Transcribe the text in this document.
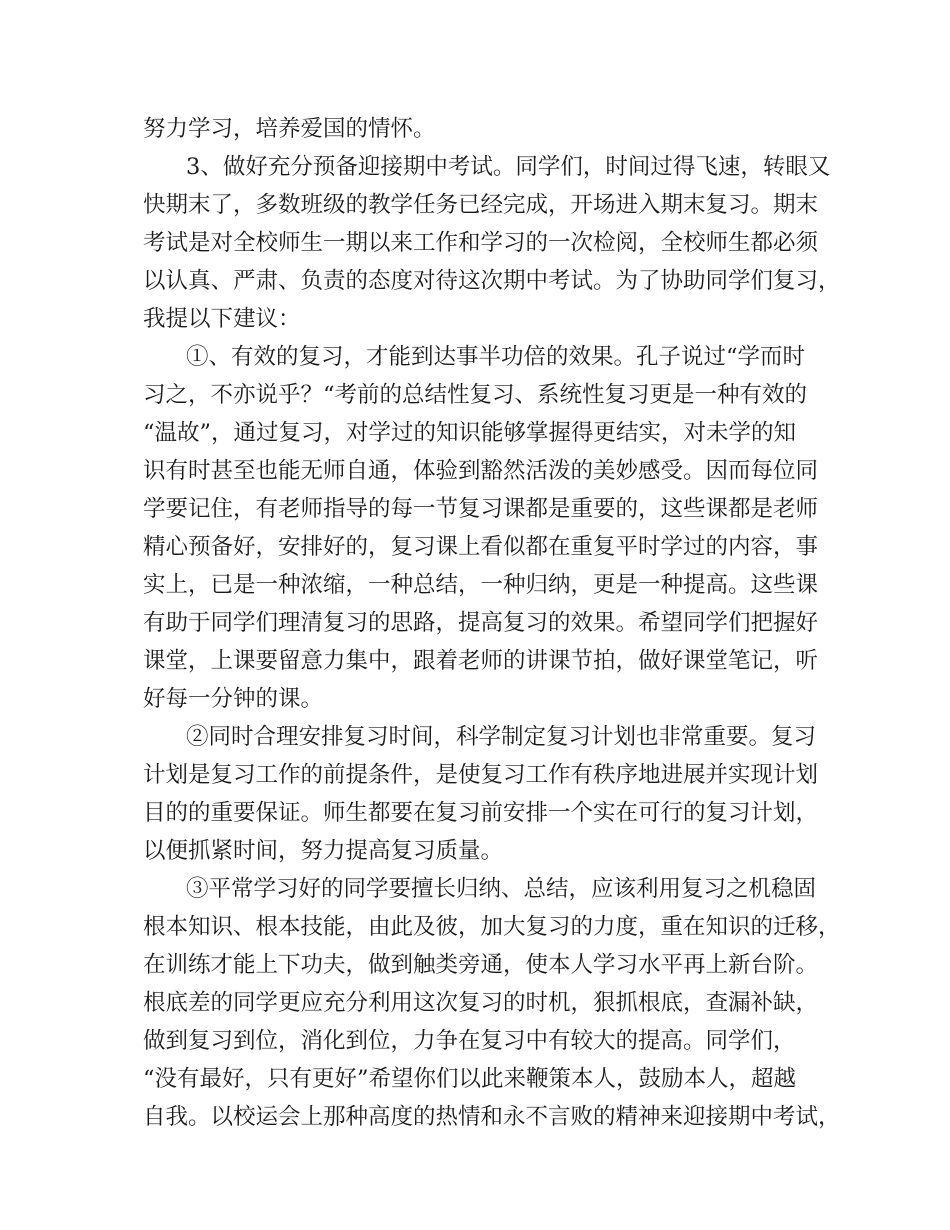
努力学习，培养爱国的情怀。
3、做好充分预备迎接期中考试。同学们，时间过得飞速，转眼又
快期末了，多数班级的教学任务已经完成，开场进入期末复习。期末
考试是对全校师生一期以来工作和学习的一次检阅，全校师生都必须
以认真、严肃、负责的态度对待这次期中考试。为了协助同学们复习，
我提以下建议：
①、有效的复习，才能到达事半功倍的效果。孔子说过“学而时
习之，不亦说乎？“考前的总结性复习、系统性复习更是一种有效的
“温故”，通过复习，对学过的知识能够掌握得更结实，对未学的知
识有时甚至也能无师自通，体验到豁然活泼的美妙感受。因而每位同
学要记住，有老师指导的每一节复习课都是重要的，这些课都是老师
精心预备好，安排好的，复习课上看似都在重复平时学过的内容，事
实上，已是一种浓缩，一种总结，一种归纳，更是一种提高。这些课
有助于同学们理清复习的思路，提高复习的效果。希望同学们把握好
课堂，上课要留意力集中，跟着老师的讲课节拍，做好课堂笔记，听
好每一分钟的课。
②同时合理安排复习时间，科学制定复习计划也非常重要。复习
计划是复习工作的前提条件，是使复习工作有秩序地进展并实现计划
目的的重要保证。师生都要在复习前安排一个实在可行的复习计划，
以便抓紧时间，努力提高复习质量。
③平常学习好的同学要擅长归纳、总结，应该利用复习之机稳固
根本知识、根本技能，由此及彼，加大复习的力度，重在知识的迁移，
在训练才能上下功夫，做到触类旁通，使本人学习水平再上新台阶。
根底差的同学更应充分利用这次复习的时机，狠抓根底，查漏补缺，
做到复习到位，消化到位，力争在复习中有较大的提高。同学们，
“没有最好，只有更好”希望你们以此来鞭策本人，鼓励本人，超越
自我。以校运会上那种高度的热情和永不言败的精神来迎接期中考试，
